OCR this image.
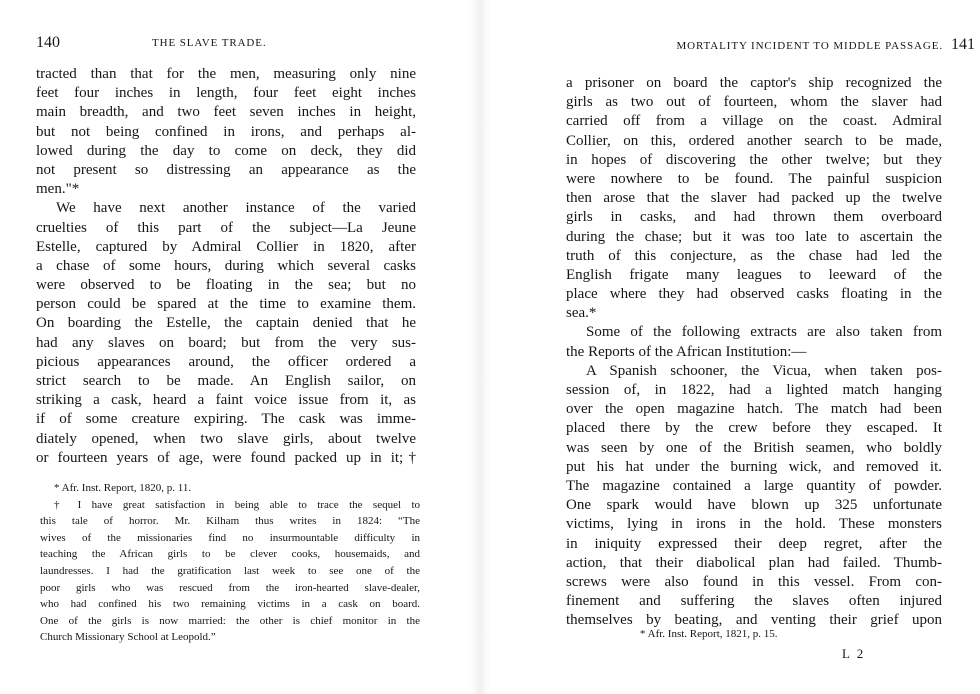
140	THE SLAVE TRADE.
tracted than that for the men, measuring only nine
feet four inches in length, four feet eight inches
main breadth, and two feet seven inches in height,
but not being confined in irons, and perhaps al-
lowed during the day to come on deck, they did
not present so distressing an appearance as the
men."*
We have next another instance of the varied
cruelties of this part of the subject—La Jeune
Estelle, captured by Admiral Collier in 1820, after
a chase of some hours, during which several casks
were observed to be floating in the sea; but no
person could be spared at the time to examine them.
On boarding the Estelle, the captain denied that he
had any slaves on board; but from the very sus-
picious appearances around, the officer ordered a
strict search to be made. An English sailor, on
striking a cask, heard a faint voice issue from it, as
if of some creature expiring. The cask was imme-
diately opened, when two slave girls, about twelve
or fourteen years of age, were found packed up in it;†
* Afr. Inst. Report, 1820, p. 11.
† I have great satisfaction in being able to trace the sequel to
this tale of horror. Mr. Kilham thus writes in 1824: “The
wives of the missionaries find no insurmountable difficulty in
teaching the African girls to be clever cooks, housemaids, and
laundresses. I had the gratification last week to see one of the
poor girls who was rescued from the iron-hearted slave-dealer,
who had confined his two remaining victims in a cask on board.
One of the girls is now married: the other is chief monitor in the
Church Missionary School at Leopold.”
MORTALITY INCIDENT TO MIDDLE PASSAGE. 141
a prisoner on board the captor's ship recognized the
girls as two out of fourteen, whom the slaver had
carried off from a village on the coast. Admiral
Collier, on this, ordered another search to be made,
in hopes of discovering the other twelve; but they
were nowhere to be found. The painful suspicion
then arose that the slaver had packed up the twelve
girls in casks, and had thrown them overboard
during the chase; but it was too late to ascertain the
truth of this conjecture, as the chase had led the
English frigate many leagues to leeward of the
place where they had observed casks floating in the
sea.*
Some of the following extracts are also taken from
the Reports of the African Institution:—
A Spanish schooner, the Vicua, when taken pos-
session of, in 1822, had a lighted match hanging
over the open magazine hatch. The match had been
placed there by the crew before they escaped. It
was seen by one of the British seamen, who boldly
put his hat under the burning wick, and removed it.
The magazine contained a large quantity of powder.
One spark would have blown up 325 unfortunate
victims, lying in irons in the hold. These monsters
in iniquity expressed their deep regret, after the
action, that their diabolical plan had failed. Thumb-
screws were also found in this vessel. From con-
finement and suffering the slaves often injured
themselves by beating, and venting their grief upon
* Afr. Inst. Report, 1821, p. 15.
L 2
